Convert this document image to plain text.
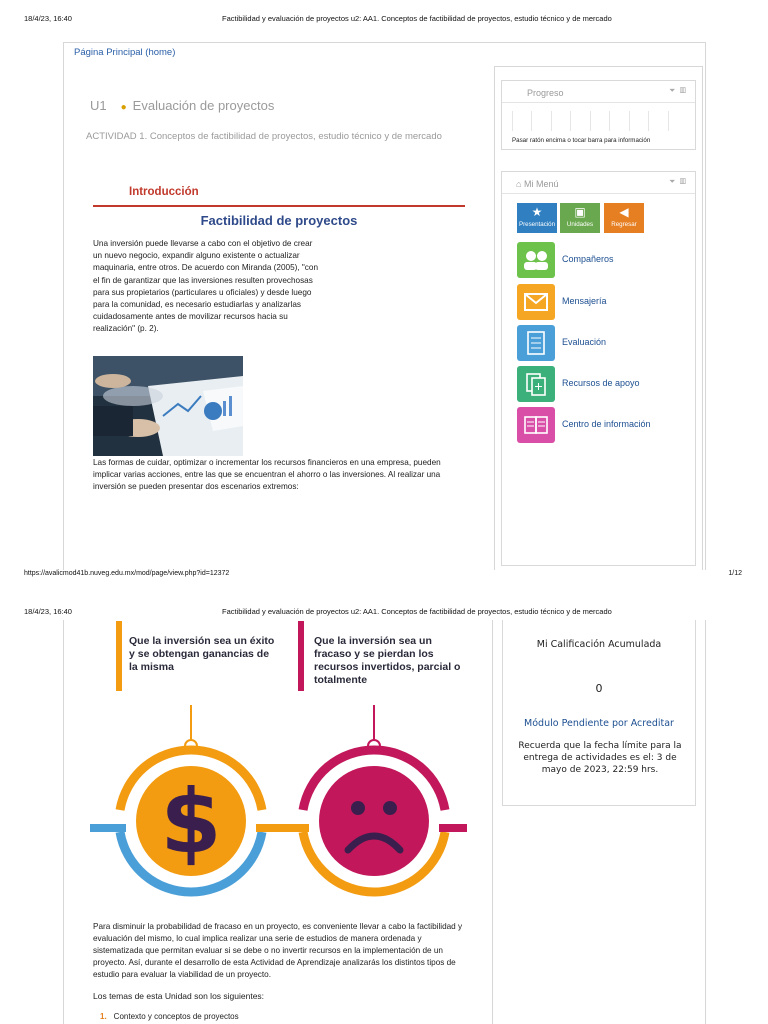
18/4/23, 16:40	Factibilidad y evaluación de proyectos u2: AA1. Conceptos de factibilidad de proyectos, estudio técnico y de mercado
Página Principal (home)
U1 ● Evaluación de proyectos
ACTIVIDAD 1. Conceptos de factibilidad de proyectos, estudio técnico y de mercado
Introducción
Factibilidad de proyectos
Una inversión puede llevarse a cabo con el objetivo de crear un nuevo negocio, expandir alguno existente o actualizar maquinaria, entre otros. De acuerdo con Miranda (2005), "con el fin de garantizar que las inversiones resulten provechosas para sus propietarios (particulares u oficiales) y desde luego para la comunidad, es necesario estudiarlas y analizarlas cuidadosamente antes de movilizar recursos hacia su realización" (p. 2).
Las formas de cuidar, optimizar o incrementar los recursos financieros en una empresa, pueden implicar varias acciones, entre las que se encuentran el ahorro o las inversiones. Al realizar una inversión se pueden presentar dos escenarios extremos:
Progreso	⏷ ▥
Pasar ratón encima o tocar barra para información
⌂ Mi Menú	⏷ ▥
★
Presentación
▣
Unidades
◀
Regresar
Compañeros
Mensajería
Evaluación
Recursos de apoyo
Centro de información
https://avalicmod41b.nuveg.edu.mx/mod/page/view.php?id=12372	1/12
18/4/23, 16:40	Factibilidad y evaluación de proyectos u2: AA1. Conceptos de factibilidad de proyectos, estudio técnico y de mercado
Mi Calificación Acumulada
0
Módulo Pendiente por Acreditar
Recuerda que la fecha límite para la entrega de actividades es el: 3 de mayo de 2023, 22:59 hrs.
Que la inversión sea un éxito y se obtengan ganancias de la misma
Que la inversión sea un fracaso y se pierdan los recursos invertidos, parcial o totalmente
$
Para disminuir la probabilidad de fracaso en un proyecto, es conveniente llevar a cabo la factibilidad y evaluación del mismo, lo cual implica realizar una serie de estudios de manera ordenada y sistematizada que permitan evaluar si se debe o no invertir recursos en la implementación de un proyecto. Así, durante el desarrollo de esta Actividad de Aprendizaje analizarás los distintos tipos de estudio para evaluar la viabilidad de un proyecto.
Los temas de esta Unidad son los siguientes:
1. Contexto y conceptos de proyectos
